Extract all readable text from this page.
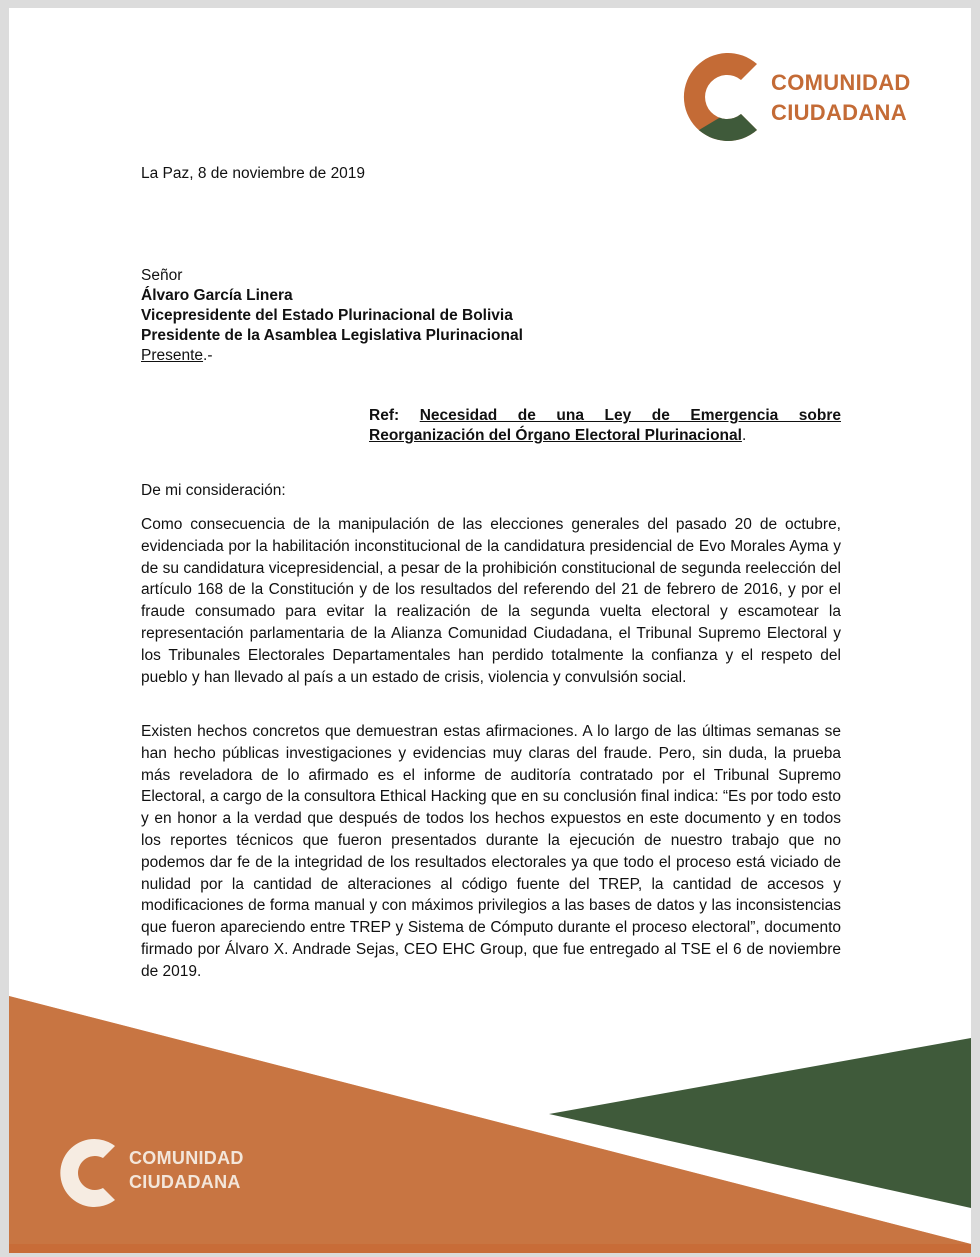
COMUNIDAD
CIUDADANA
La Paz, 8 de noviembre de 2019
Señor
Álvaro García Linera
Vicepresidente del Estado Plurinacional de Bolivia
Presidente de la Asamblea Legislativa Plurinacional
Presente.-
Ref: Necesidad de una Ley de Emergencia sobre
Reorganización del Órgano Electoral Plurinacional.
De mi consideración:
Como consecuencia de la manipulación de las elecciones generales del pasado 20 de octubre, evidenciada por la habilitación inconstitucional de la candidatura presidencial de Evo Morales Ayma y de su candidatura vicepresidencial, a pesar de la prohibición constitucional de segunda reelección del artículo 168 de la Constitución y de los resultados del referendo del 21 de febrero de 2016, y por el fraude consumado para evitar la realización de la segunda vuelta electoral y escamotear la representación parlamentaria de la Alianza Comunidad Ciudadana, el Tribunal Supremo Electoral y los Tribunales Electorales Departamentales han perdido totalmente la confianza y el respeto del pueblo y han llevado al país a un estado de crisis, violencia y convulsión social.
Existen hechos concretos que demuestran estas afirmaciones. A lo largo de las últimas semanas se han hecho públicas investigaciones y evidencias muy claras del fraude. Pero, sin duda, la prueba más reveladora de lo afirmado es el informe de auditoría contratado por el Tribunal Supremo Electoral, a cargo de la consultora Ethical Hacking que en su conclusión final indica: “Es por todo esto y en honor a la verdad que después de todos los hechos expuestos en este documento y en todos los reportes técnicos que fueron presentados durante la ejecución de nuestro trabajo que no podemos dar fe de la integridad de los resultados electorales ya que todo el proceso está viciado de nulidad por la cantidad de alteraciones al código fuente del TREP, la cantidad de accesos y modificaciones de forma manual y con máximos privilegios a las bases de datos y las inconsistencias que fueron apareciendo entre TREP y Sistema de Cómputo durante el proceso electoral”, documento firmado por Álvaro X. Andrade Sejas, CEO EHC Group, que fue entregado al TSE el 6 de noviembre de 2019.
COMUNIDAD
CIUDADANA
